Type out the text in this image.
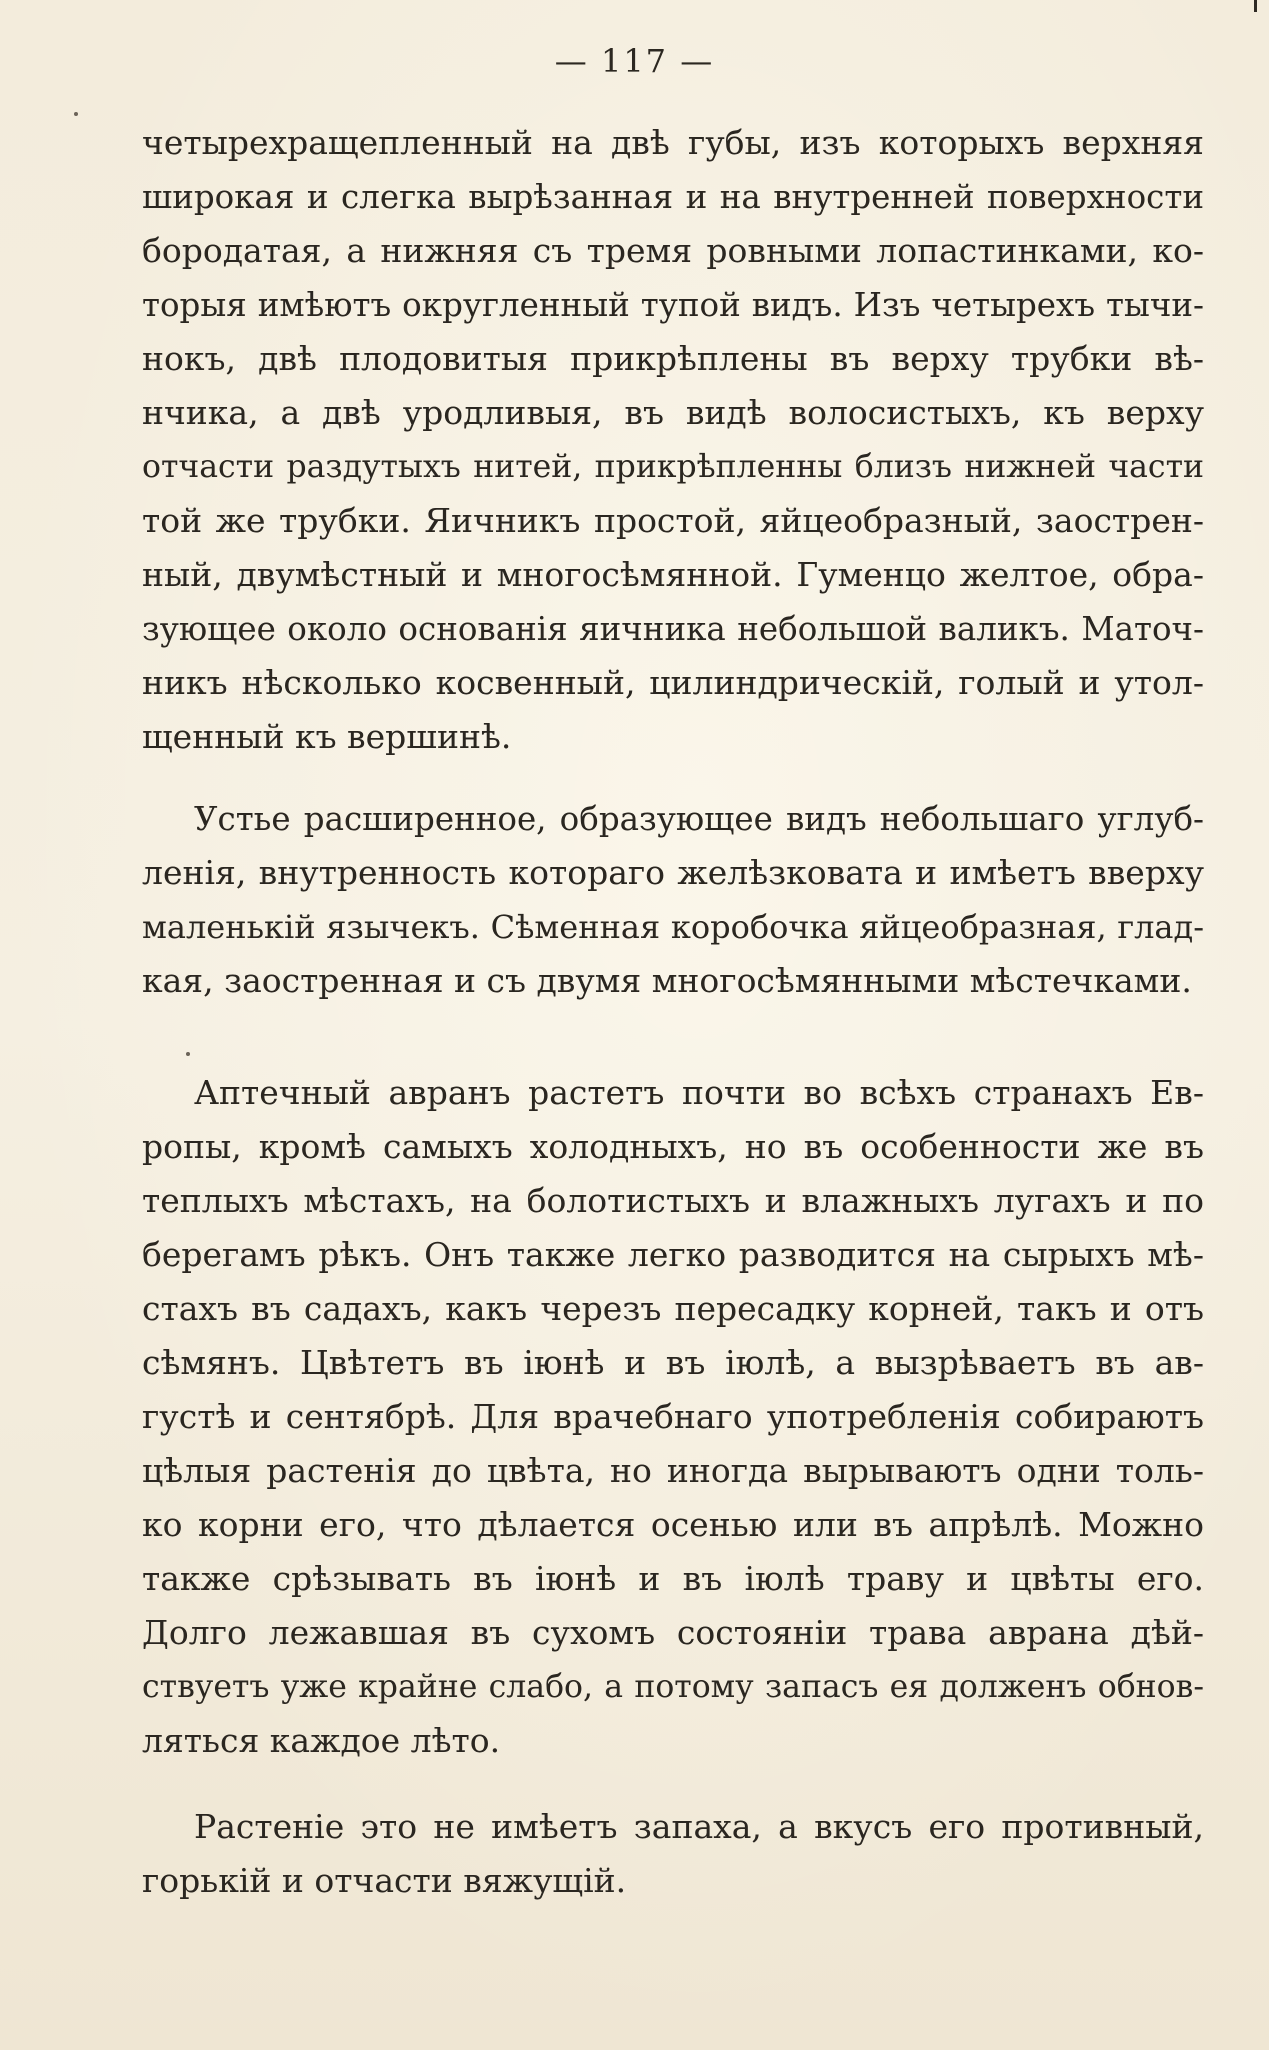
— 117 —
четырехращепленный на двѣ губы, изъ которыхъ верхняя
широкая и слегка вырѣзанная и на внутренней поверхности
бородатая, а нижняя съ тремя ровными лопастинками, ко-
торыя имѣютъ округленный тупой видъ. Изъ четырехъ тычи-
нокъ, двѣ плодовитыя прикрѣплены въ верху трубки вѣ-
нчика, а двѣ уродливыя, въ видѣ волосистыхъ, къ верху
отчасти раздутыхъ нитей, прикрѣпленны близъ нижней части
той же трубки. Яичникъ простой, яйцеобразный, заострен-
ный, двумѣстный и многосѣмянной. Гуменцо желтое, обра-
зующее около основанія яичника небольшой валикъ. Маточ-
никъ нѣсколько косвенный, цилиндрическій, голый и утол-
щенный къ вершинѣ.
Устье расширенное, образующее видъ небольшаго углуб-
ленія, внутренность котораго желѣзковата и имѣетъ вверху
маленькій язычекъ. Сѣменная коробочка яйцеобразная, глад-
кая, заостренная и съ двумя многосѣмянными мѣстечками.
Аптечный авранъ растетъ почти во всѣхъ странахъ Ев-
ропы, кромѣ самыхъ холодныхъ, но въ особенности же въ
теплыхъ мѣстахъ, на болотистыхъ и влажныхъ лугахъ и по
берегамъ рѣкъ. Онъ также легко разводится на сырыхъ мѣ-
стахъ въ садахъ, какъ черезъ пересадку корней, такъ и отъ
сѣмянъ. Цвѣтетъ въ іюнѣ и въ іюлѣ, а вызрѣваетъ въ ав-
густѣ и сентябрѣ. Для врачебнаго употребленія собираютъ
цѣлыя растенія до цвѣта, но иногда вырываютъ одни толь-
ко корни его, что дѣлается осенью или въ апрѣлѣ. Можно
также срѣзывать въ іюнѣ и въ іюлѣ траву и цвѣты его.
Долго лежавшая въ сухомъ состояніи трава аврана дѣй-
ствуетъ уже крайне слабо, а потому запасъ ея долженъ обнов-
ляться каждое лѣто.
Растеніе это не имѣетъ запаха, а вкусъ его противный,
горькій и отчасти вяжущій.
